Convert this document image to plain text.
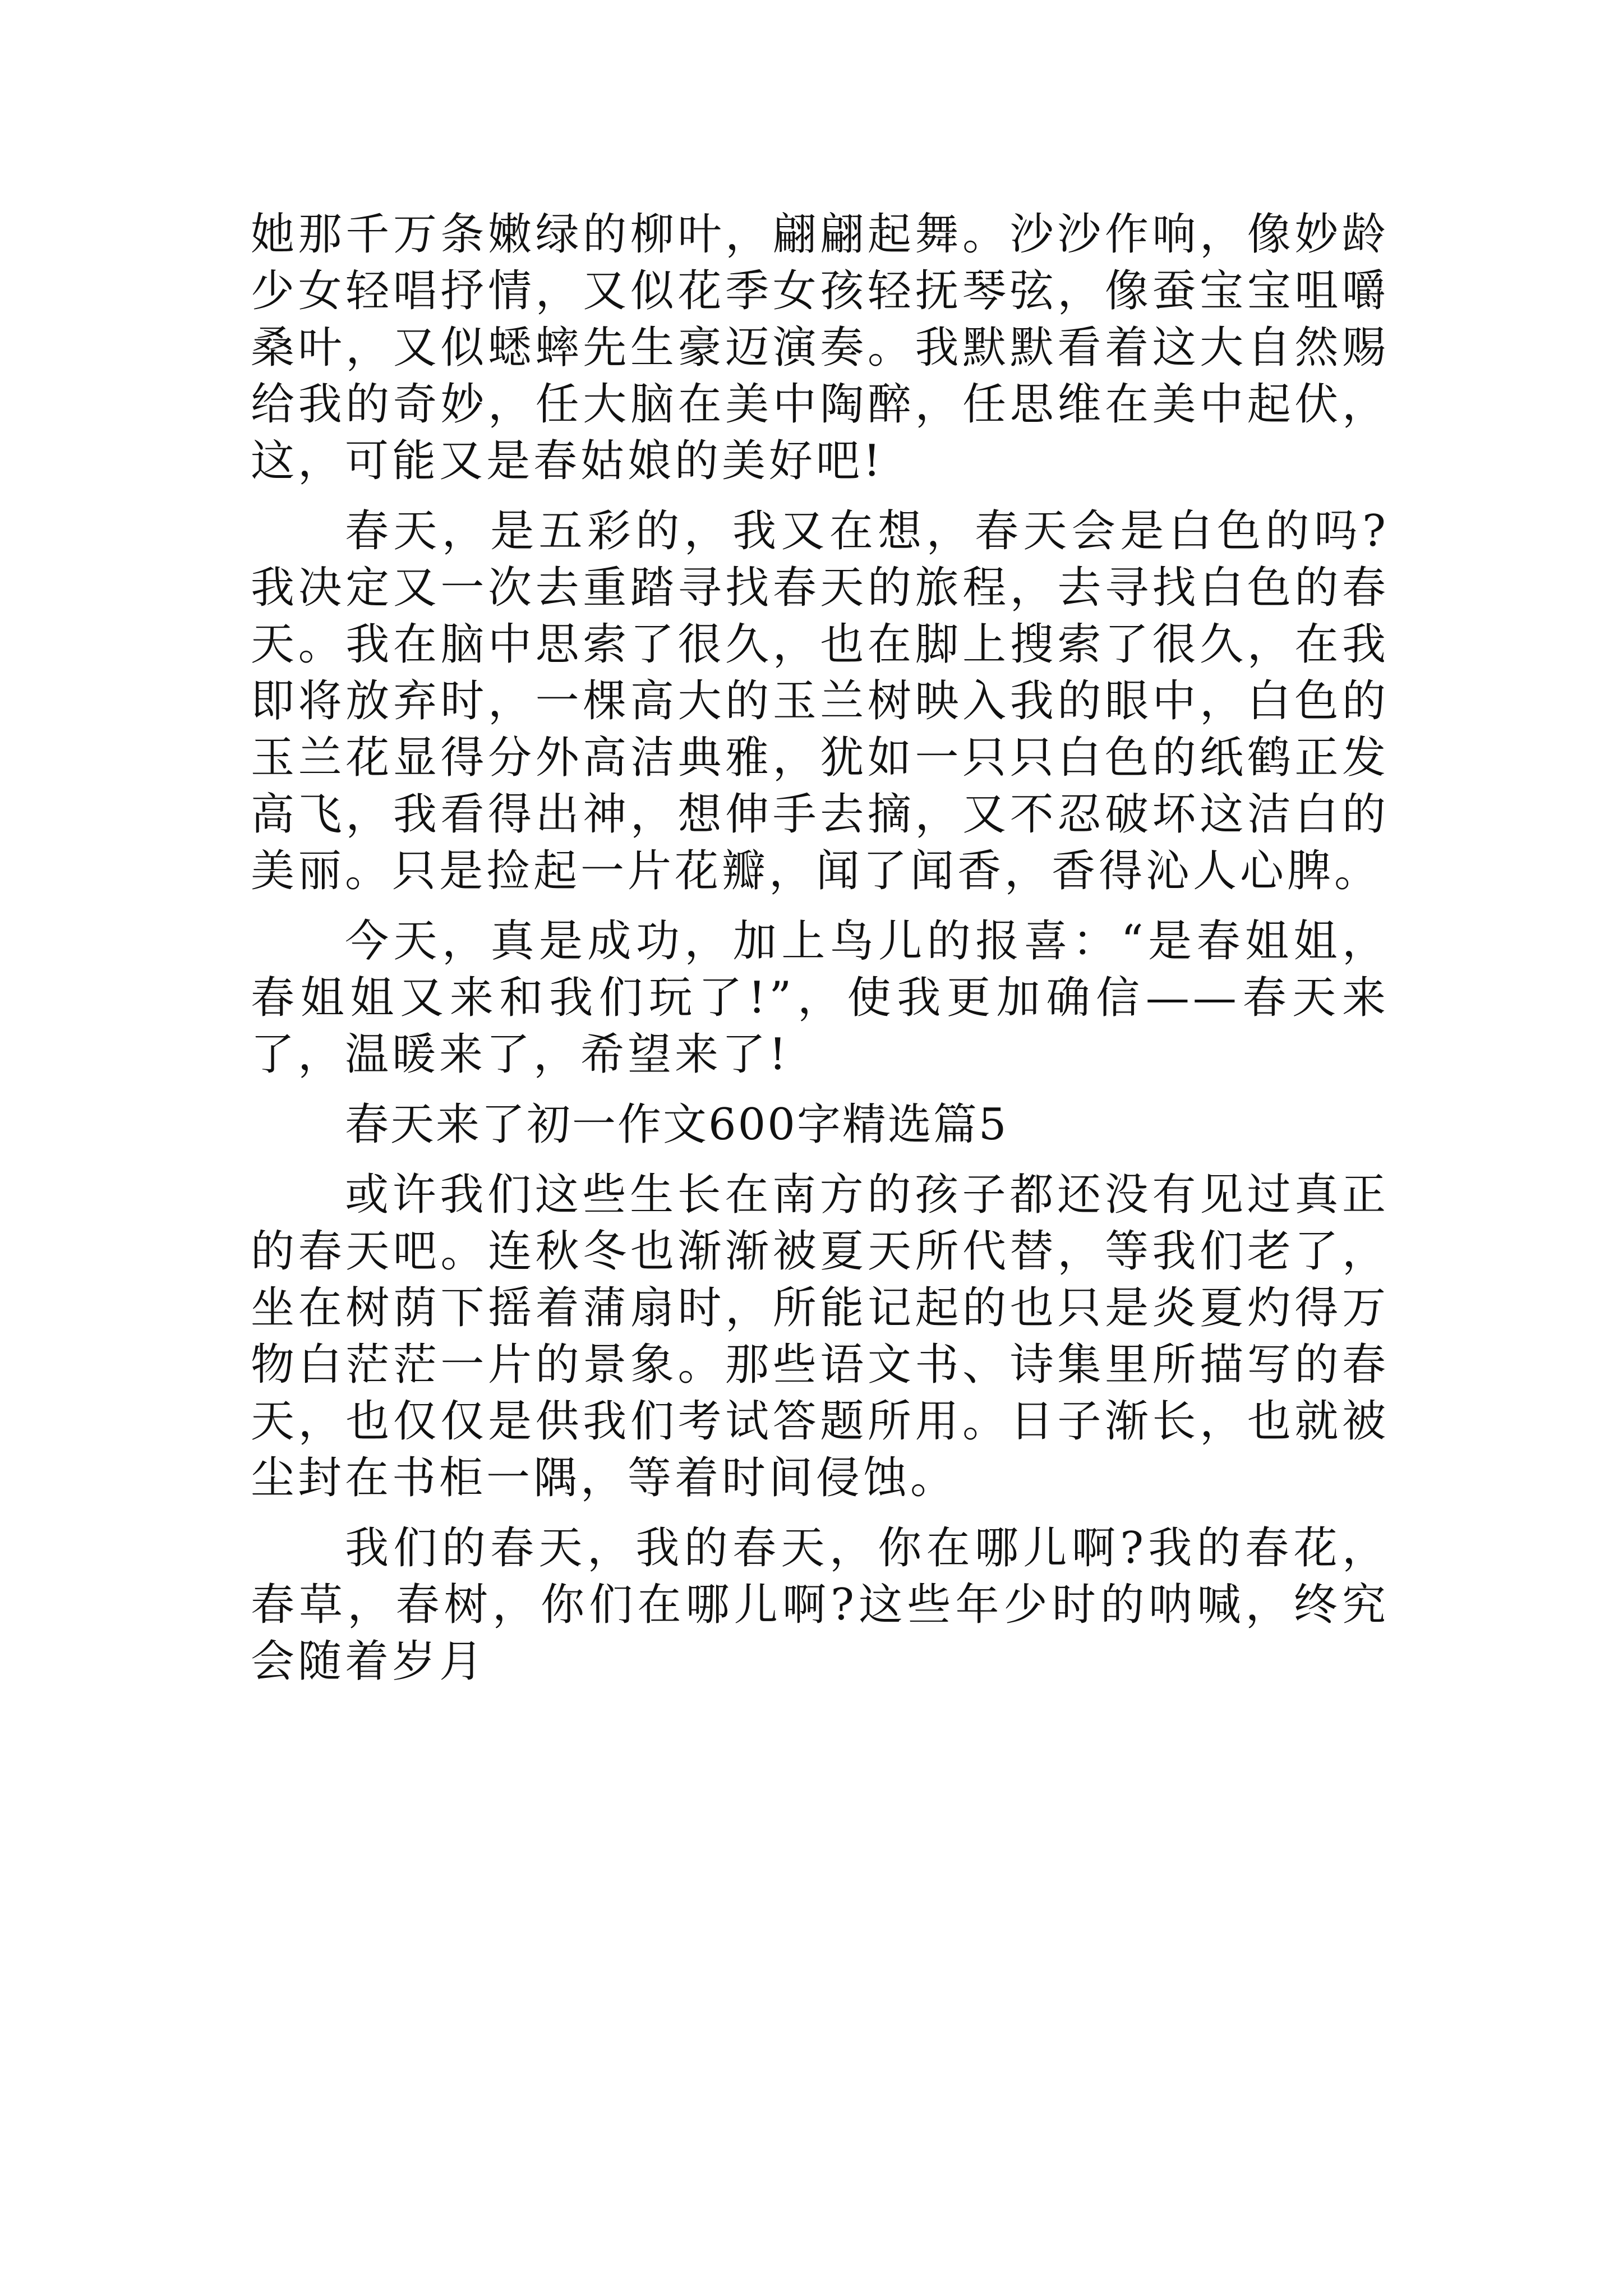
她那千万条嫩绿的柳叶，翩翩起舞。沙沙作响，像妙龄少女轻唱抒情，又似花季女孩轻抚琴弦，像蚕宝宝咀嚼桑叶，又似蟋蟀先生豪迈演奏。我默默看着这大自然赐给我的奇妙，任大脑在美中陶醉，任思维在美中起伏，这，可能又是春姑娘的美好吧!

春天，是五彩的，我又在想，春天会是白色的吗?我决定又一次去重踏寻找春天的旅程，去寻找白色的春天。我在脑中思索了很久，也在脚上搜索了很久，在我即将放弃时，一棵高大的玉兰树映入我的眼中，白色的玉兰花显得分外高洁典雅，犹如一只只白色的纸鹤正发高飞，我看得出神，想伸手去摘，又不忍破坏这洁白的美丽。只是捡起一片花瓣，闻了闻香，香得沁人心脾。

今天，真是成功，加上鸟儿的报喜：“是春姐姐，春姐姐又来和我们玩了!”，使我更加确信——春天来了，温暖来了，希望来了!

春天来了初一作文600字精选篇5

或许我们这些生长在南方的孩子都还没有见过真正的春天吧。连秋冬也渐渐被夏天所代替，等我们老了，坐在树荫下摇着蒲扇时，所能记起的也只是炎夏灼得万物白茫茫一片的景象。那些语文书、诗集里所描写的春天，也仅仅是供我们考试答题所用。日子渐长，也就被尘封在书柜一隅，等着时间侵蚀。

我们的春天，我的春天，你在哪儿啊?我的春花，春草，春树，你们在哪儿啊?这些年少时的呐喊，终究会随着岁月
